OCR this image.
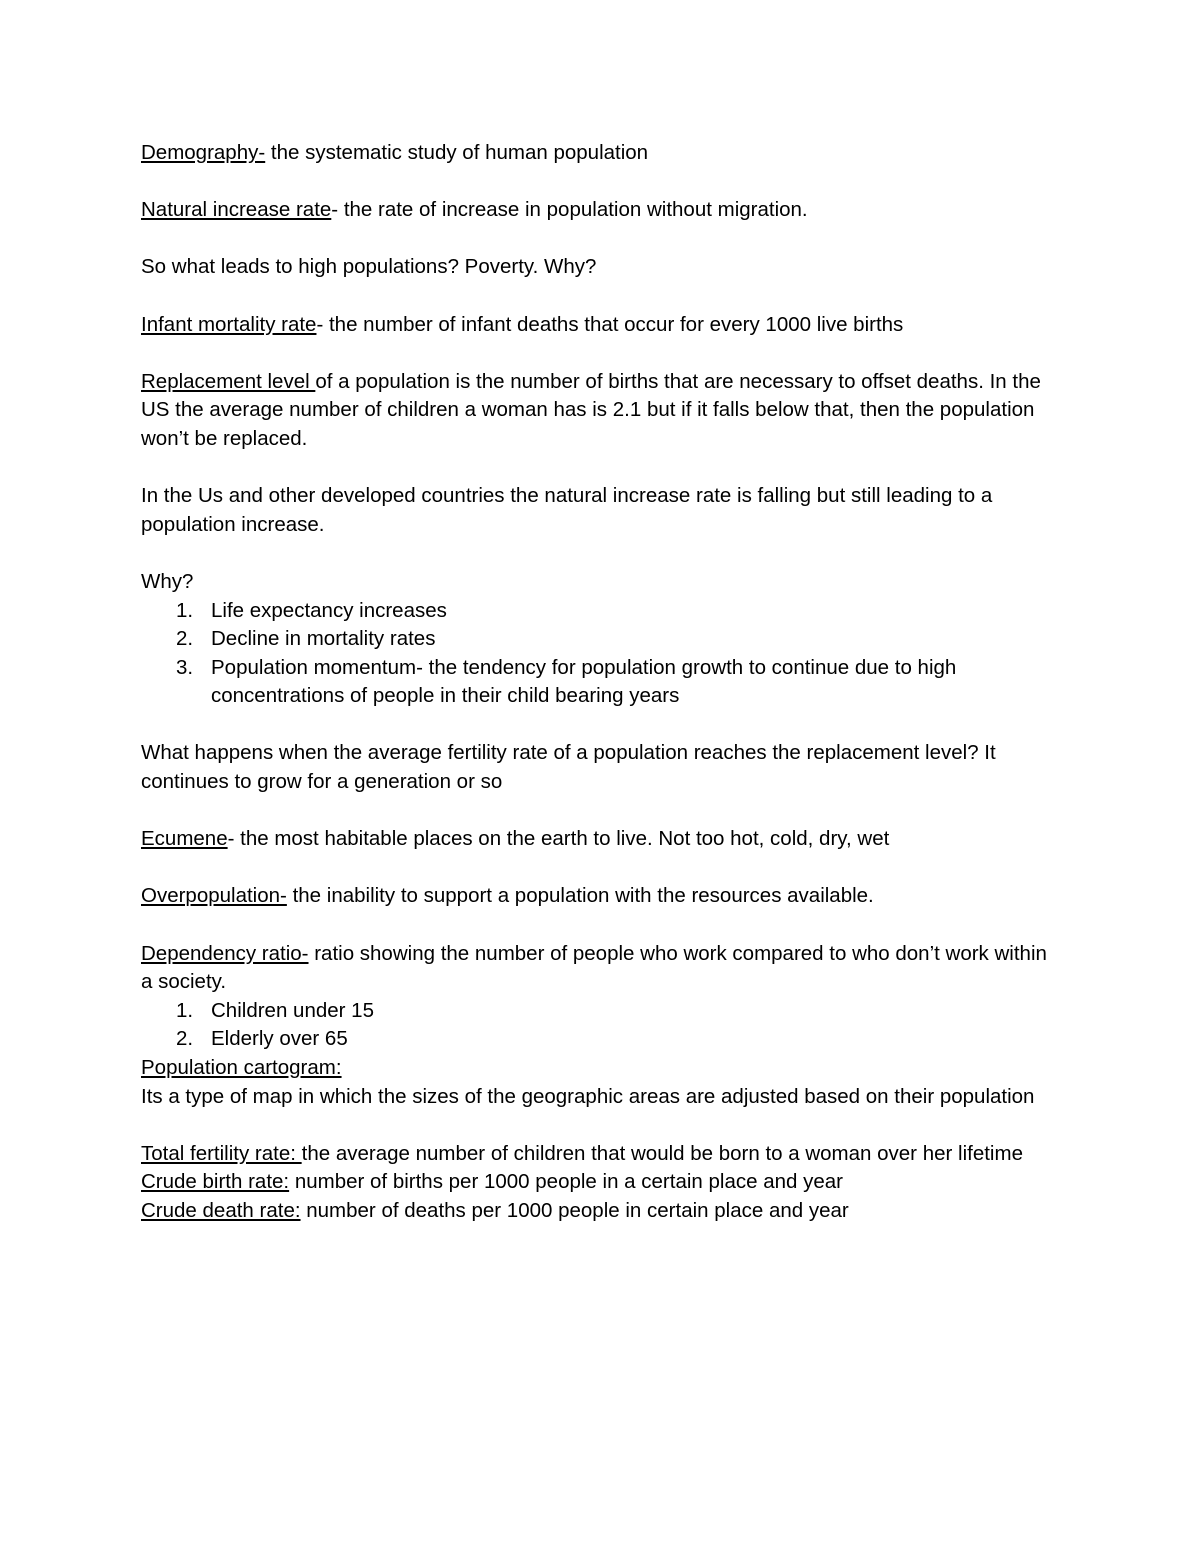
Demography- the systematic study of human population

Natural increase rate- the rate of increase in population without migration.

So what leads to high populations? Poverty. Why?

Infant mortality rate- the number of infant deaths that occur for every 1000 live births

Replacement level of a population is the number of births that are necessary to offset deaths. In the US the average number of children a woman has is 2.1 but if it falls below that, then the population won’t be replaced.

In the Us and other developed countries the natural increase rate is falling but still leading to a population increase.

Why?

1. Life expectancy increases
2. Decline in mortality rates
3. Population momentum- the tendency for population growth to continue due to high concentrations of people in their child bearing years

What happens when the average fertility rate of a population reaches the replacement level? It continues to grow for a generation or so

Ecumene- the most habitable places on the earth to live. Not too hot, cold, dry, wet

Overpopulation- the inability to support a population with the resources available.

Dependency ratio- ratio showing the number of people who work compared to who don’t work within a society.

1. Children under 15
2. Elderly over 65

Population cartogram:

Its a type of map in which the sizes of the geographic areas are adjusted based on their population

Total fertility rate: the average number of children that would be born to a woman over her lifetime

Crude birth rate: number of births per 1000 people in a certain place and year

Crude death rate: number of deaths per 1000 people in certain place and year
